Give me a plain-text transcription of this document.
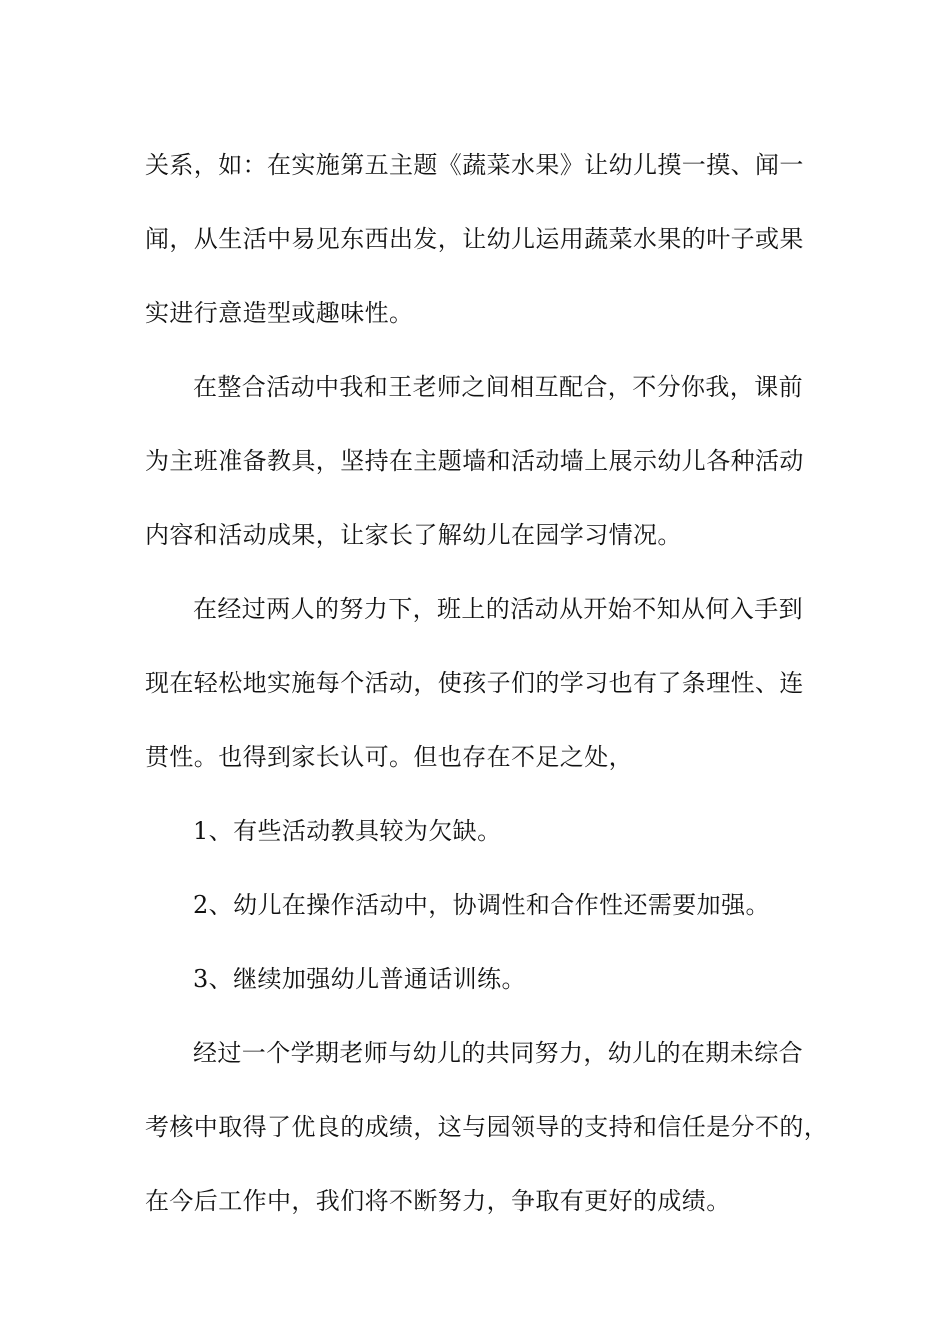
关系，如：在实施第五主题《蔬菜水果》让幼儿摸一摸、闻一
闻，从生活中易见东西出发，让幼儿运用蔬菜水果的叶子或果
实进行意造型或趣味性。
在整合活动中我和王老师之间相互配合，不分你我，课前
为主班准备教具，坚持在主题墙和活动墙上展示幼儿各种活动
内容和活动成果，让家长了解幼儿在园学习情况。
在经过两人的努力下，班上的活动从开始不知从何入手到
现在轻松地实施每个活动，使孩子们的学习也有了条理性、连
贯性。也得到家长认可。但也存在不足之处，
1、有些活动教具较为欠缺。
2、幼儿在操作活动中，协调性和合作性还需要加强。
3、继续加强幼儿普通话训练。
经过一个学期老师与幼儿的共同努力，幼儿的在期未综合
考核中取得了优良的成绩，这与园领导的支持和信任是分不的，
在今后工作中，我们将不断努力，争取有更好的成绩。
